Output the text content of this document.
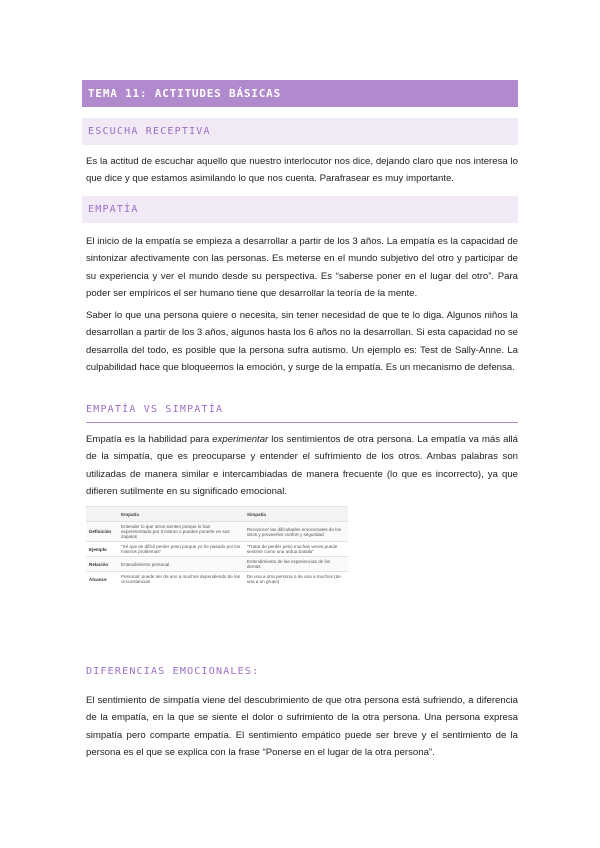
TEMA 11: ACTITUDES BÁSICAS
ESCUCHA RECEPTIVA

Es la actitud de escuchar aquello que nuestro interlocutor nos dice, dejando claro que nos interesa lo que dice y que estamos asimilando lo que nos cuenta. Parafrasear es muy importante.

EMPATÍA

El inicio de la empatía se empieza a desarrollar a partir de los 3 años. La empatía es la capacidad de sintonizar afectivamente con las personas. Es meterse en el mundo subjetivo del otro y participar de su experiencia y ver el mundo desde su perspectiva. Es “saberse poner en el lugar del otro”. Para poder ser empíricos el ser humano tiene que desarrollar la teoría de la mente.

Saber lo que una persona quiere o necesita, sin tener necesidad de que te lo diga. Algunos niños la desarrollan a partir de los 3 años, algunos hasta los 6 años no la desarrollan. Si esta capacidad no se desarrolla del todo, es posible que la persona sufra autismo. Un ejemplo es: Test de Sally-Anne. La culpabilidad hace que bloqueemos la emoción, y surge de la empatía. Es un mecanismo de defensa.

EMPATÍA VS SIMPATÍA

Empatía es la habilidad para experimentar los sentimientos de otra persona. La empatía va más allá de la simpatía, que es preocuparse y entender el sufrimiento de los otros. Ambas palabras son utilizadas de manera similar e intercambiadas de manera frecuente (lo que es incorrecto), ya que difieren sutilmente en su significado emocional.

	Empatía	Simpatía
Definición	Entender lo que otros sienten porque lo has experimentado por ti mismo o puedes ponerte en sus zapatos	Reconocer las dificultades emocionales de los otros y proveerles confort y seguridad
Ejemplo	“Sé que es difícil perder peso porque yo he pasado por los mismos problemas”	“Tratar de perder peso muchas veces puede sentirse como una ardua batalla”
Relación	Entendimiento personal	Entendimiento de las experiencias de los demás
Alcance	Personal; puede ser de uno a muchos dependiendo de las circunstancias	De una a otra persona o de una a muchos (de una a un grupo)
DIFERENCIAS EMOCIONALES:

El sentimiento de simpatía viene del descubrimiento de que otra persona está sufriendo, a diferencia de la empatía, en la que se siente el dolor o sufrimiento de la otra persona. Una persona expresa simpatía pero comparte empatía. El sentimiento empático puede ser breve y el sentimiento de la persona es el que se explica con la frase “Ponerse en el lugar de la otra persona”.
